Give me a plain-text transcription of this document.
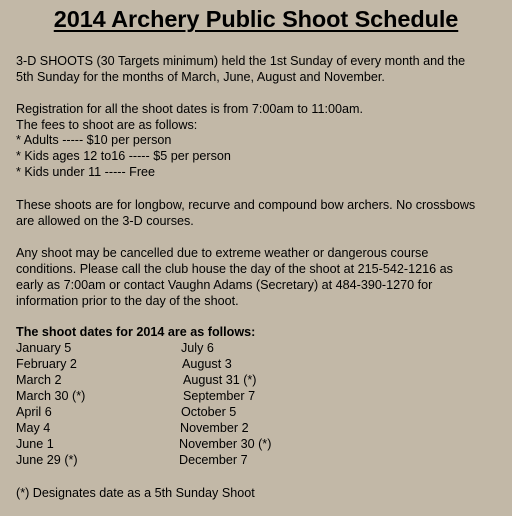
2014 Archery Public Shoot Schedule
3-D SHOOTS (30 Targets minimum) held the 1st Sunday of every month and the
5th Sunday for the months of March, June, August and November.
Registration for all the shoot dates is from 7:00am to 11:00am.
The fees to shoot are as follows:
* Adults ----- $10 per person
* Kids ages 12 to16 ----- $5 per person
* Kids under 11 ----- Free
These shoots are for longbow, recurve and compound bow archers. No crossbows
are allowed on the 3-D courses.
Any shoot may be cancelled due to extreme weather or dangerous course
conditions. Please call the club house the day of the shoot at 215-542-1216 as
early as 7:00am or contact Vaughn Adams (Secretary) at 484-390-1270 for
information prior to the day of the shoot.
The shoot dates for 2014 are as follows:
January 5
February 2
March 2
March 30 (*)
April 6
May 4
June 1
June 29 (*)
July 6
August 3
August 31 (*)
September 7
October 5
November 2
November 30 (*)
December 7
(*) Designates date as a 5th Sunday Shoot
